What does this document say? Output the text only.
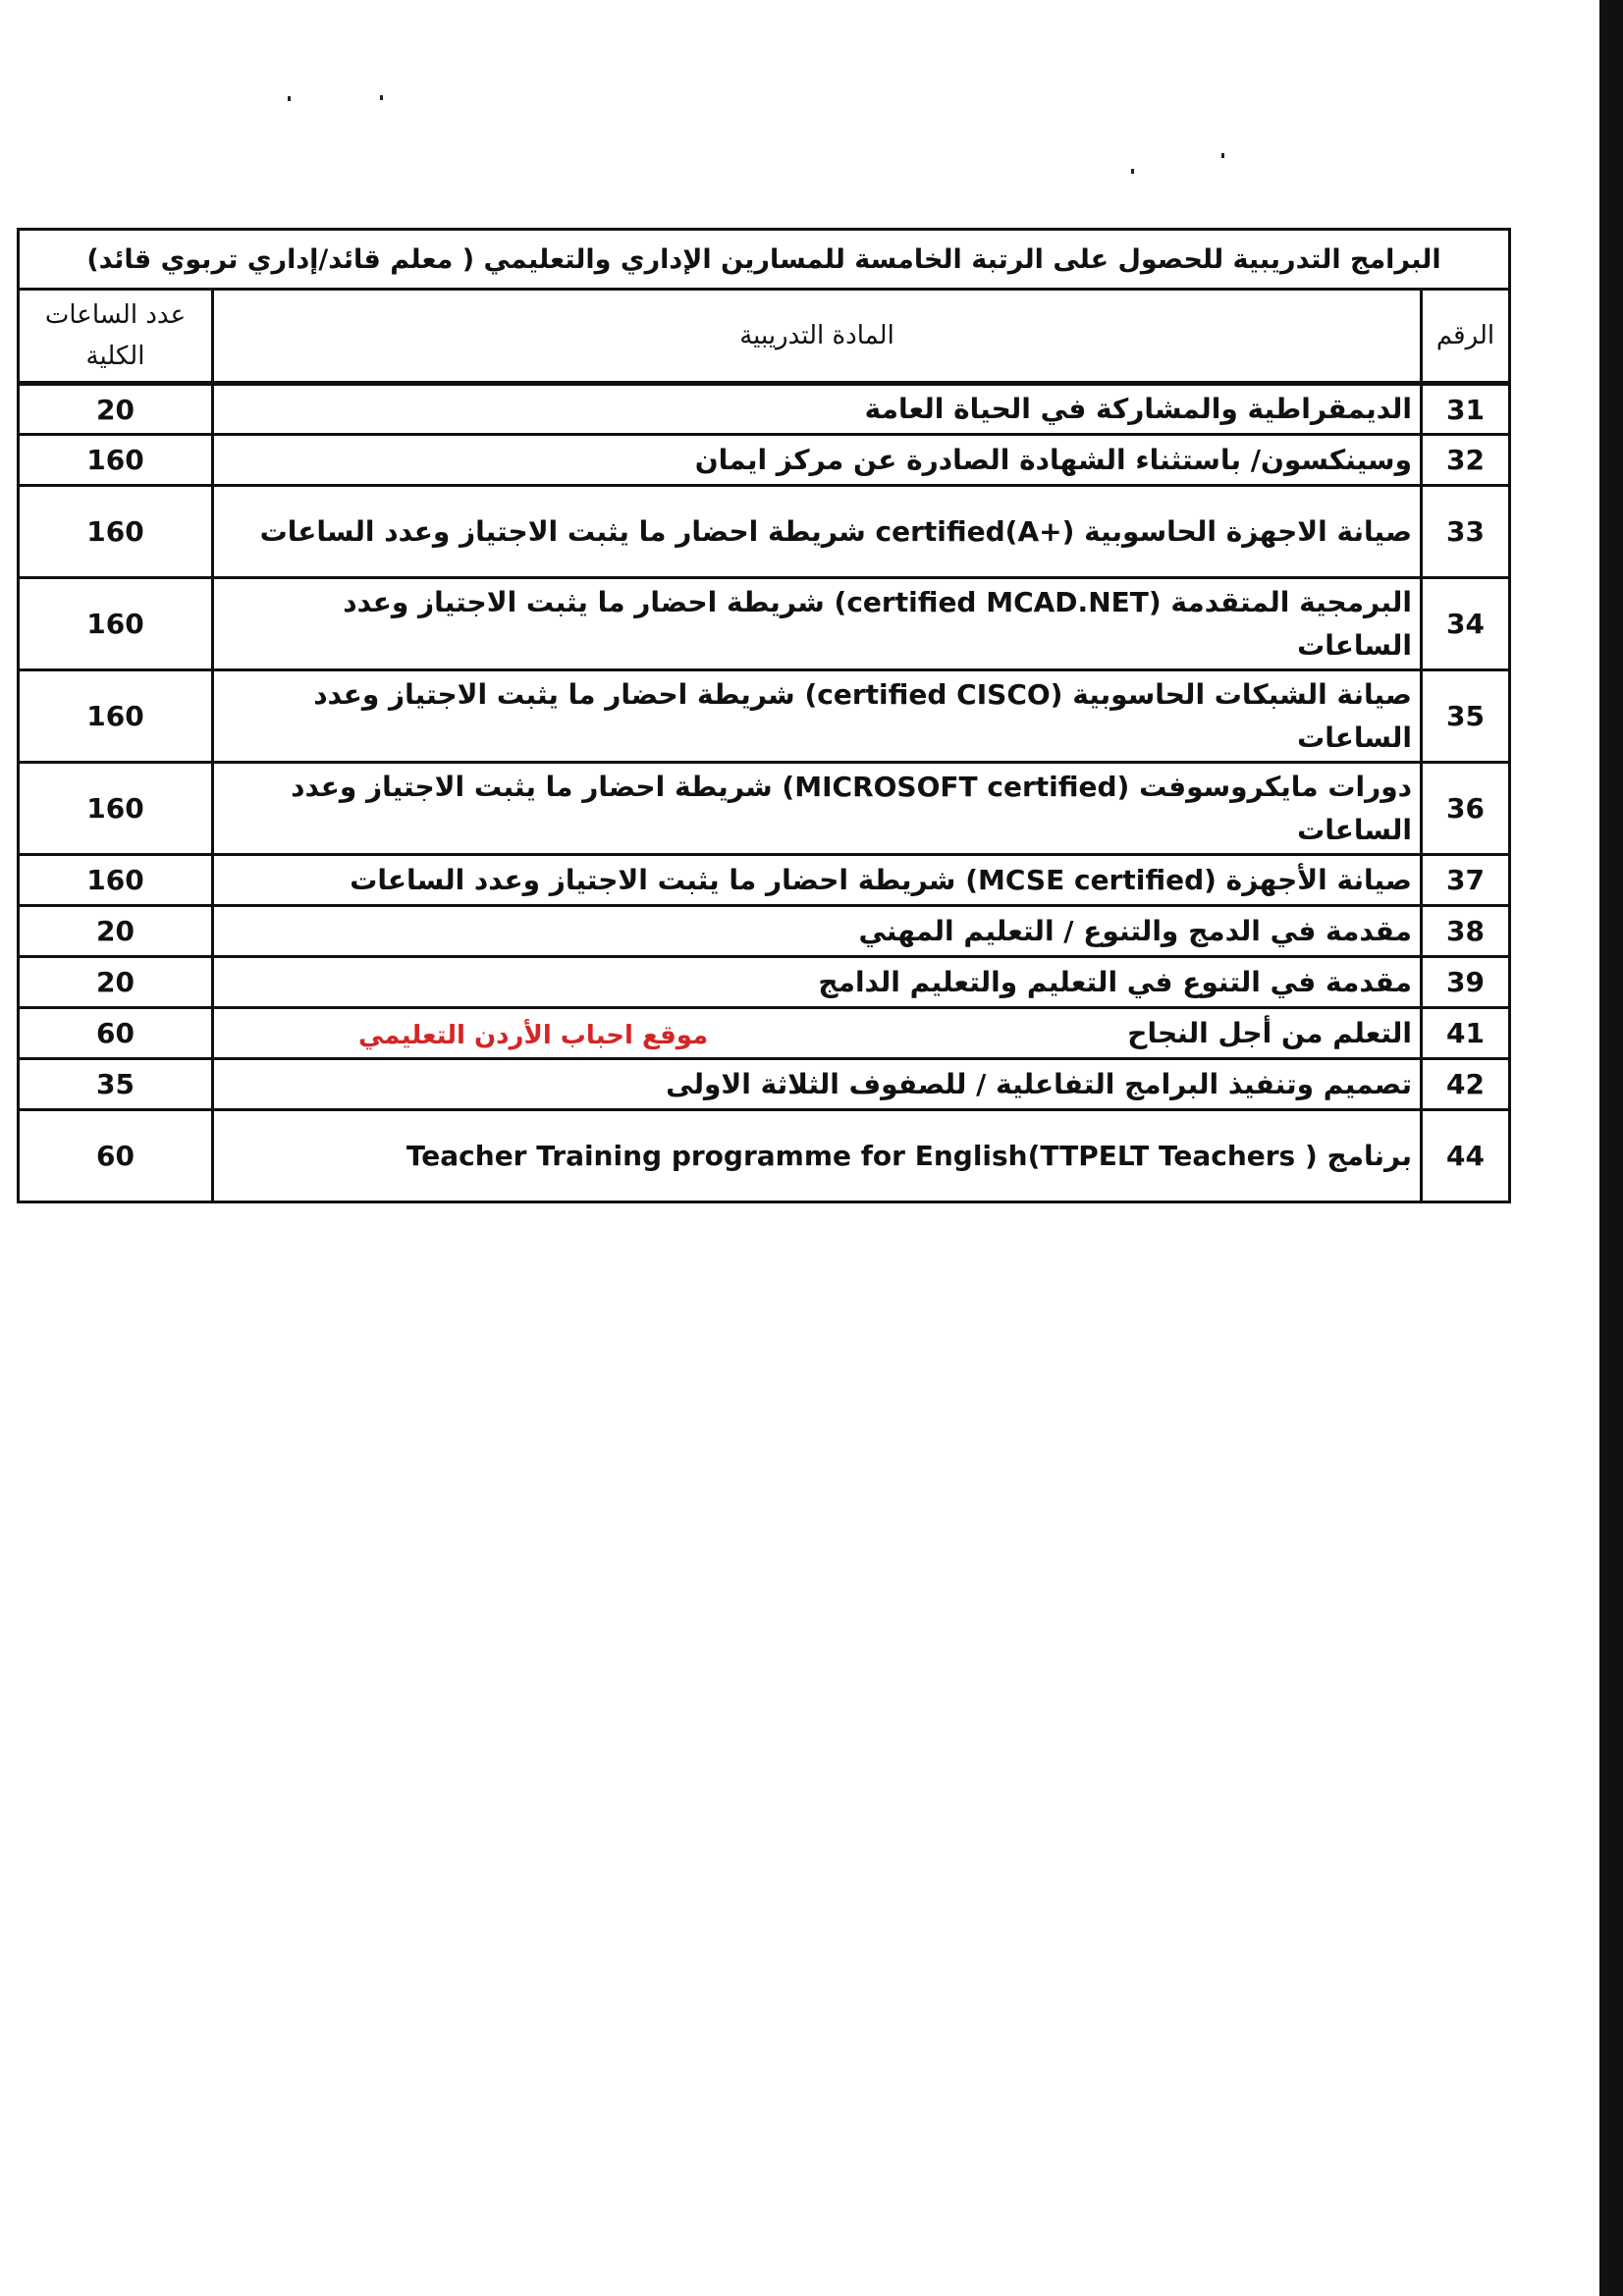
البرامج التدريبية للحصول على الرتبة الخامسة للمسارين الإداري والتعليمي ( معلم قائد/إداري تربوي قائد)		
الرقم	المادة التدريبية	عدد الساعات
الكلية
31	الديمقراطية والمشاركة في الحياة العامة	20
32	وسينكسون/ باستثناء الشهادة الصادرة عن مركز ايمان	160
33	صيانة الاجهزة الحاسوبية (+certified(A شريطة احضار ما يثبت الاجتياز وعدد الساعات	160
34	البرمجية المتقدمة (certified MCAD.NET) شريطة احضار ما يثبت الاجتياز وعدد الساعات	160
35	صيانة الشبكات الحاسوبية (certified CISCO) شريطة احضار ما يثبت الاجتياز وعدد الساعات	160
36	دورات مايكروسوفت (MICROSOFT certified) شريطة احضار ما يثبت الاجتياز وعدد الساعات	160
37	صيانة الأجهزة (MCSE certified) شريطة احضار ما يثبت الاجتياز وعدد الساعات	160
38	مقدمة في الدمج والتنوع / التعليم المهني	20
39	مقدمة في التنوع في التعليم والتعليم الدامج	20
41	التعلم من أجل النجاح	60
42	تصميم وتنفيذ البرامج التفاعلية / للصفوف الثلاثة الاولى	35
44	برنامج ( Teacher Training programme for English(TTPELT Teachers	60
موقع احباب الأردن التعليمي
